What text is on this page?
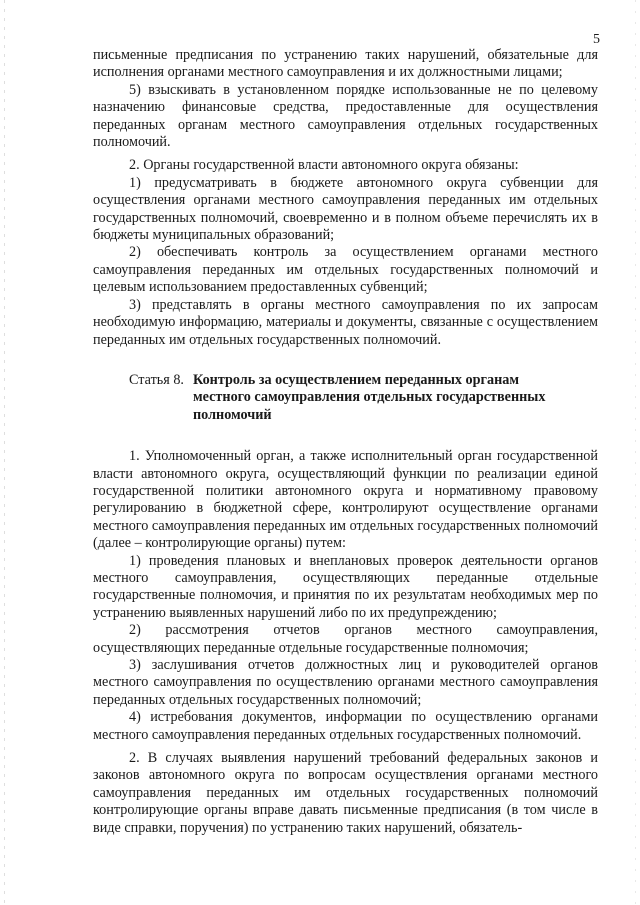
5

письменные предписания по устранению таких нарушений, обязательные для исполнения органами местного самоуправления и их должностными лицами;

5) взыскивать в установленном порядке использованные не по целевому назначению финансовые средства, предоставленные для осуществления переданных органам местного самоуправления отдельных государственных полномочий.

2. Органы государственной власти автономного округа обязаны:

1) предусматривать в бюджете автономного округа субвенции для осуществления органами местного самоуправления переданных им отдельных государственных полномочий, своевременно и в полном объеме перечислять их в бюджеты муниципальных образований;

2) обеспечивать контроль за осуществлением органами местного самоуправления переданных им отдельных государственных полномочий и целевым использованием предоставленных субвенций;

3) представлять в органы местного самоуправления по их запросам необходимую информацию, материалы и документы, связанные с осуществлением переданных им отдельных государственных полномочий.

Статья 8. Контроль за осуществлением переданных органам местного самоуправления отдельных государственных полномочий

1. Уполномоченный орган, а также исполнительный орган государственной власти автономного округа, осуществляющий функции по реализации единой государственной политики автономного округа и нормативному правовому регулированию в бюджетной сфере, контролируют осуществление органами местного самоуправления переданных им отдельных государственных полномочий (далее – контролирующие органы) путем:

1) проведения плановых и внеплановых проверок деятельности органов местного самоуправления, осуществляющих переданные отдельные государственные полномочия, и принятия по их результатам необходимых мер по устранению выявленных нарушений либо по их предупреждению;

2) рассмотрения отчетов органов местного самоуправления, осуществляющих переданные отдельные государственные полномочия;

3) заслушивания отчетов должностных лиц и руководителей органов местного самоуправления по осуществлению органами местного самоуправления переданных отдельных государственных полномочий;

4) истребования документов, информации по осуществлению органами местного самоуправления переданных отдельных государственных полномочий.

2. В случаях выявления нарушений требований федеральных законов и законов автономного округа по вопросам осуществления органами местного самоуправления переданных им отдельных государственных полномочий контролирующие органы вправе давать письменные предписания (в том числе в виде справки, поручения) по устранению таких нарушений, обязатель-
